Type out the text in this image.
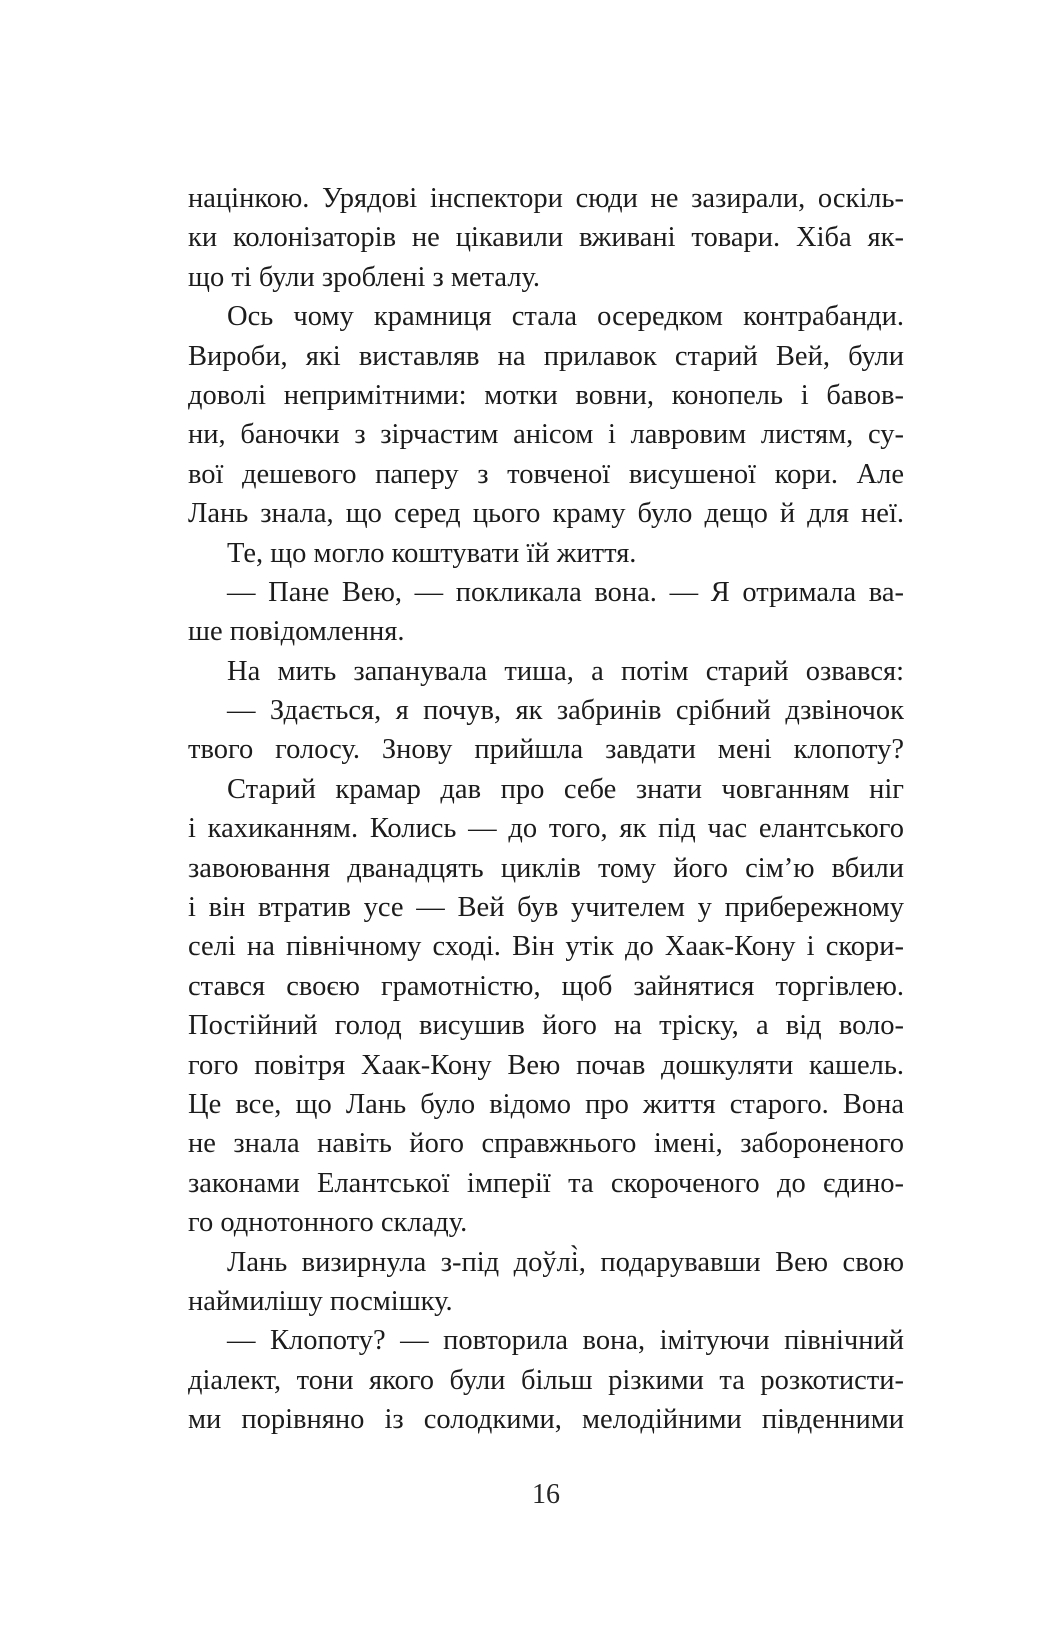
націнкою. Урядові інспектори сюди не зазирали, оскіль-
ки колонізаторів не цікавили вживані товари. Хіба як-
що ті були зроблені з металу.
Ось чому крамниця стала осередком контрабанди.
Вироби, які виставляв на прилавок старий Вей, були
доволі непримітними: мотки вовни, конопель і бавов-
ни, баночки з зірчастим анісом і лавровим листям, су-
вої дешевого паперу з товченої висушеної кори. Але
Лань знала, що серед цього краму було дещо й для неї.
Те, що могло коштувати їй життя.
— Пане Вею, — покликала вона. — Я отримала ва-
ше повідомлення.
На мить запанувала тиша, а потім старий озвався:
— Здається, я почув, як забринів срібний дзвіночок
твого голосу. Знову прийшла завдати мені клопоту?
Старий крамар дав про себе знати човганням ніг
і кахиканням. Колись — до того, як під час елантського
завоювання дванадцять циклів тому його сім’ю вбили
і він втратив усе — Вей був учителем у прибережному
селі на північному сході. Він утік до Хаак-Кону і скори-
стався своєю грамотністю, щоб зайнятися торгівлею.
Постійний голод висушив його на тріску, а від воло-
гого повітря Хаак-Кону Вею почав дошкуляти кашель.
Це все, що Лань було відомо про життя старого. Вона
не знала навіть його справжнього імені, забороненого
законами Елантської імперії та скороченого до єдино-
го однотонного складу.
Лань визирнула з-під доўлі̀, подарувавши Вею свою
наймилішу посмішку.
— Клопоту? — повторила вона, імітуючи північний
діалект, тони якого були більш різкими та розкотисти-
ми порівняно із солодкими, мелодійними південними
16
